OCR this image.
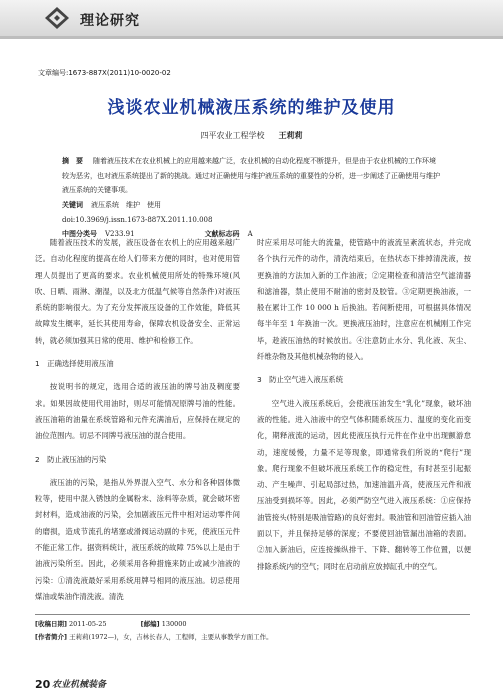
理论研究
文章编号:1673-887X(2011)10-0020-02
浅谈农业机械液压系统的维护及使用
四平农业工程学校 王莉莉
摘　要 随着液压技术在农业机械上的应用越来越广泛，农业机械的自动化程度不断提升，但是由于农业机械的工作环境较为恶劣，也对液压系统提出了新的挑战。通过对正确使用与维护液压系统的重要性的分析，进一步阐述了正确使用与维护液压系统的关键事项。
关键词 液压系统　维护　使用
doi:10.3969/j.issn.1673-887X.2011.10.008
中图分类号 V233.91	文献标志码 A

随着液压技术的发展，液压设备在农机上的应用越来越广泛。自动化程度的提高在给人们带来方便的同时，也对使用管理人员提出了更高的要求。农业机械使用所处的特殊环境(风吹、日晒、雨淋、潮湿，以及北方低温气候等自然条件)对液压系统的影响很大。为了充分发挥液压设备的工作效能，降低其故障发生概率，延长其使用寿命，保障农机设备安全、正常运转，就必须加强其日常的使用、维护和检修工作。

1　正确选择使用液压油

按说明书的规定，选用合适的液压油的牌号油及稠度要求。如果因故使用代用油时，则尽可能情况原牌号油的性能。液压油箱的油量在系统管路和元件充满油后，应保持在规定的油位范围内。切忌不同牌号液压油的混合使用。

2　防止液压油的污染

液压油的污染，是指从外界混入空气、水分和各种固体微粒等，使用中混入锈蚀的金属粉末、涂料等杂质，就会破坏密封材料，造成油液的污染，会加剧液压元件中相对运动零件间的磨损，造成节流孔的堵塞或滑阀运动副的卡死，使液压元件不能正常工作。据资料统计，液压系统的故障 75%以上是由于油液污染所至。因此，必须采用各种措施来防止或减少油液的污染：①清洗液最好采用系统用牌号相同的液压油。切忌使用煤油或柴油作清洗液。清洗

时应采用尽可能大的流量，使管路中的液流呈紊流状态，并完成各个执行元件的动作，清洗结束后，在热状态下排掉清洗液，按更换油的方法加入新的工作油液；②定期检查和清洁空气滤清器和滤油器，禁止使用不耐油的密封及胶管。③定期更换油液，一般在累计工作 10 000 h 后换油。若间断使用，可根据具体情况每半年至 1 年换油一次。更换液压油时，注意应在机械刚工作完毕，趁液压油热的时候放出。④注意防止水分、乳化液、灰尘、纤维杂物及其他机械杂物的侵入。

3　防止空气进入液压系统

空气进入液压系统后，会使液压油发生“乳化”现象，破坏油液的性能。进入油液中的空气体积随系统压力、温度的变化而变化，期释液流的运动，因此使液压执行元件在作业中出现颤游怠动，速度缓慢，力量不足等现象，即通常我们所说的“爬行”现象。爬行现象不但破坏液压系统工作的稳定性，有时甚至引起振动、产生噪声、引起局部过热，加速油温升高，使液压元件和液压油受到损坏等。因此，必须严防空气进入液压系统：①应保持油管接头(特别是吸油管路)的良好密封。吸油管和回油管应插入油面以下，并且保持足够的深度；不要使回油管漏出油箱的表面。②加入新油后，应连接操纵排干、下降、翻转等工作位置，以便排除系统内的空气；同时在启动前应放掉缸孔中的空气。

[收稿日期] 2011-05-25	[邮编] 130000
[作者简介] 王莉莉(1972—)，女，吉林长春人，工程师，主要从事教学方面工作。
20 农业机械装备
